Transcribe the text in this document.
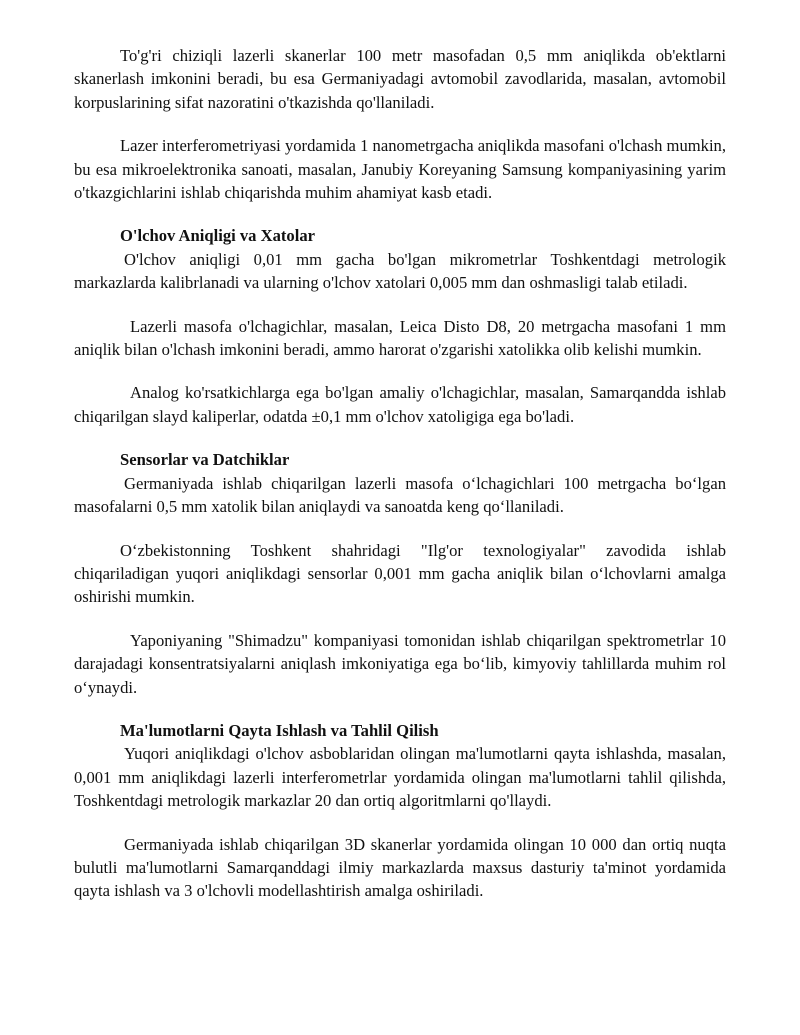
To'g'ri chiziqli lazerli skanerlar 100 metr masofadan 0,5 mm aniqlikda ob'ektlarni skanerlash imkonini beradi, bu esa Germaniyadagi avtomobil zavodlarida, masalan, avtomobil korpuslarining sifat nazoratini o'tkazishda qo'llaniladi.

Lazer interferometriyasi yordamida 1 nanometrgacha aniqlikda masofani o'lchash mumkin, bu esa mikroelektronika sanoati, masalan, Janubiy Koreyaning Samsung kompaniyasining yarim o'tkazgichlarini ishlab chiqarishda muhim ahamiyat kasb etadi.

O'lchov Aniqligi va Xatolar

O'lchov aniqligi 0,01 mm gacha bo'lgan mikrometrlar Toshkentdagi metrologik markazlarda kalibrlanadi va ularning o'lchov xatolari 0,005 mm dan oshmasligi talab etiladi.

Lazerli masofa o'lchagichlar, masalan, Leica Disto D8, 20 metrgacha masofani 1 mm aniqlik bilan o'lchash imkonini beradi, ammo harorat o'zgarishi xatolikka olib kelishi mumkin.

Analog ko'rsatkichlarga ega bo'lgan amaliy o'lchagichlar, masalan, Samarqandda ishlab chiqarilgan slayd kaliperlar, odatda ±0,1 mm o'lchov xatoligiga ega bo'ladi.

Sensorlar va Datchiklar

Germaniyada ishlab chiqarilgan lazerli masofa o‘lchagichlari 100 metrgacha bo‘lgan masofalarni 0,5 mm xatolik bilan aniqlaydi va sanoatda keng qo‘llaniladi.

O‘zbekistonning Toshkent shahridagi "Ilg'or texnologiyalar" zavodida ishlab chiqariladigan yuqori aniqlikdagi sensorlar 0,001 mm gacha aniqlik bilan o‘lchovlarni amalga oshirishi mumkin.

Yaponiyaning "Shimadzu" kompaniyasi tomonidan ishlab chiqarilgan spektrometrlar 10 darajadagi konsentratsiyalarni aniqlash imkoniyatiga ega bo‘lib, kimyoviy tahlillarda muhim rol o‘ynaydi.

Ma'lumotlarni Qayta Ishlash va Tahlil Qilish

Yuqori aniqlikdagi o'lchov asboblaridan olingan ma'lumotlarni qayta ishlashda, masalan, 0,001 mm aniqlikdagi lazerli interferometrlar yordamida olingan ma'lumotlarni tahlil qilishda, Toshkentdagi metrologik markazlar 20 dan ortiq algoritmlarni qo'llaydi.

Germaniyada ishlab chiqarilgan 3D skanerlar yordamida olingan 10 000 dan ortiq nuqta bulutli ma'lumotlarni Samarqanddagi ilmiy markazlarda maxsus dasturiy ta'minot yordamida qayta ishlash va 3 o'lchovli modellashtirish amalga oshiriladi.
